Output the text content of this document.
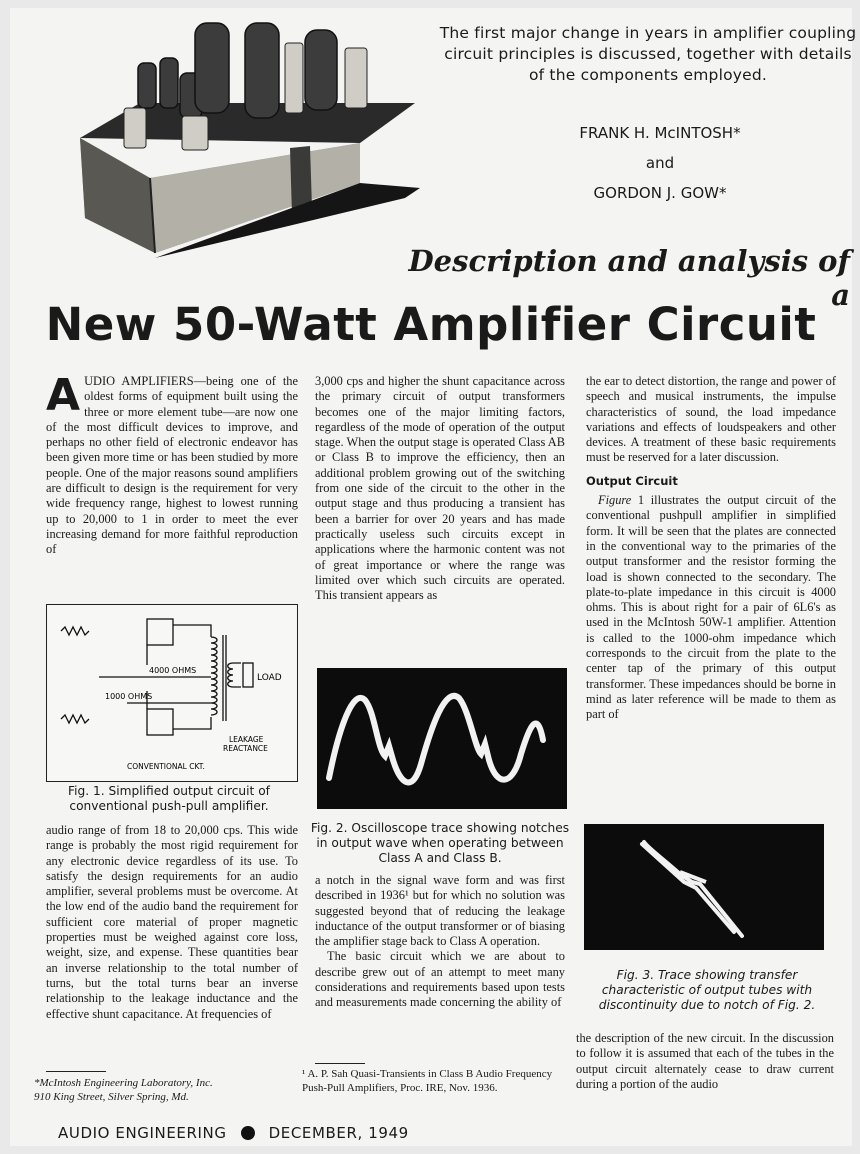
The first major change in years in amplifier coupling circuit principles is discussed, together with details of the components employed.
FRANK H. McINTOSH*
and
GORDON J. GOW*
Description and analysis of a
New 50-Watt Amplifier Circuit
A UDIO AMPLIFIERS—being one of the oldest forms of equipment built using the three or more element tube—are now one of the most difficult devices to improve, and perhaps no other field of electronic endeavor has been given more time or has been studied by more people. One of the major reasons sound amplifiers are difficult to design is the requirement for very wide frequency range, highest to lowest running up to 20,000 to 1 in order to meet the ever increasing demand for more faithful reproduction of

4000 OHMS
1000 OHMS
LOAD
LEAKAGE
REACTANCE
CONVENTIONAL CKT.
Fig. 1. Simplified output circuit of conventional push-pull amplifier.

audio range of from 18 to 20,000 cps. This wide range is probably the most rigid requirement for any electronic device regardless of its use. To satisfy the design requirements for an audio amplifier, several problems must be overcome. At the low end of the audio band the requirement for sufficient core material of proper magnetic properties must be weighed against core loss, weight, size, and expense. These quantities bear an inverse relationship to the total number of turns, but the total turns bear an inverse relationship to the leakage inductance and the effective shunt capacitance. At frequencies of

3,000 cps and higher the shunt capacitance across the primary circuit of output transformers becomes one of the major limiting factors, regardless of the mode of operation of the output stage. When the output stage is operated Class AB or Class B to improve the efficiency, then an additional problem growing out of the switching from one side of the circuit to the other in the output stage and thus producing a transient has been a barrier for over 20 years and has made practically useless such circuits except in applications where the harmonic content was not of great importance or where the range was limited over which such circuits are operated. This transient appears as

Fig. 2. Oscilloscope trace showing notches in output wave when operating between Class A and Class B.

a notch in the signal wave form and was first described in 1936¹ but for which no solution was suggested beyond that of reducing the leakage inductance of the output transformer or of biasing the amplifier stage back to Class A operation.

The basic circuit which we are about to describe grew out of an attempt to meet many considerations and requirements based upon tests and measurements made concerning the ability of

the ear to detect distortion, the range and power of speech and musical instruments, the impulse characteristics of sound, the load impedance variations and effects of loudspeakers and other devices. A treatment of these basic requirements must be reserved for a later discussion.

Output Circuit

Figure 1 illustrates the output circuit of the conventional pushpull amplifier in simplified form. It will be seen that the plates are connected in the conventional way to the primaries of the output transformer and the resistor forming the load is shown connected to the secondary. The plate-to-plate impedance in this circuit is 4000 ohms. This is about right for a pair of 6L6's as used in the McIntosh 50W-1 amplifier. Attention is called to the 1000-ohm impedance which corresponds to the circuit from the plate to the center tap of the primary of this output transformer. These impedances should be borne in mind as later reference will be made to them as part of

Fig. 3. Trace showing transfer characteristic of output tubes with discontinuity due to notch of Fig. 2.

the description of the new circuit. In the discussion to follow it is assumed that each of the tubes in the output circuit alternately cease to draw current during a portion of the audio

*McIntosh Engineering Laboratory, Inc.
910 King Street, Silver Spring, Md.
¹ A. P. Sah Quasi-Transients in Class B Audio Frequency Push-Pull Amplifiers, Proc. IRE, Nov. 1936.
AUDIO ENGINEERING	DECEMBER, 1949
